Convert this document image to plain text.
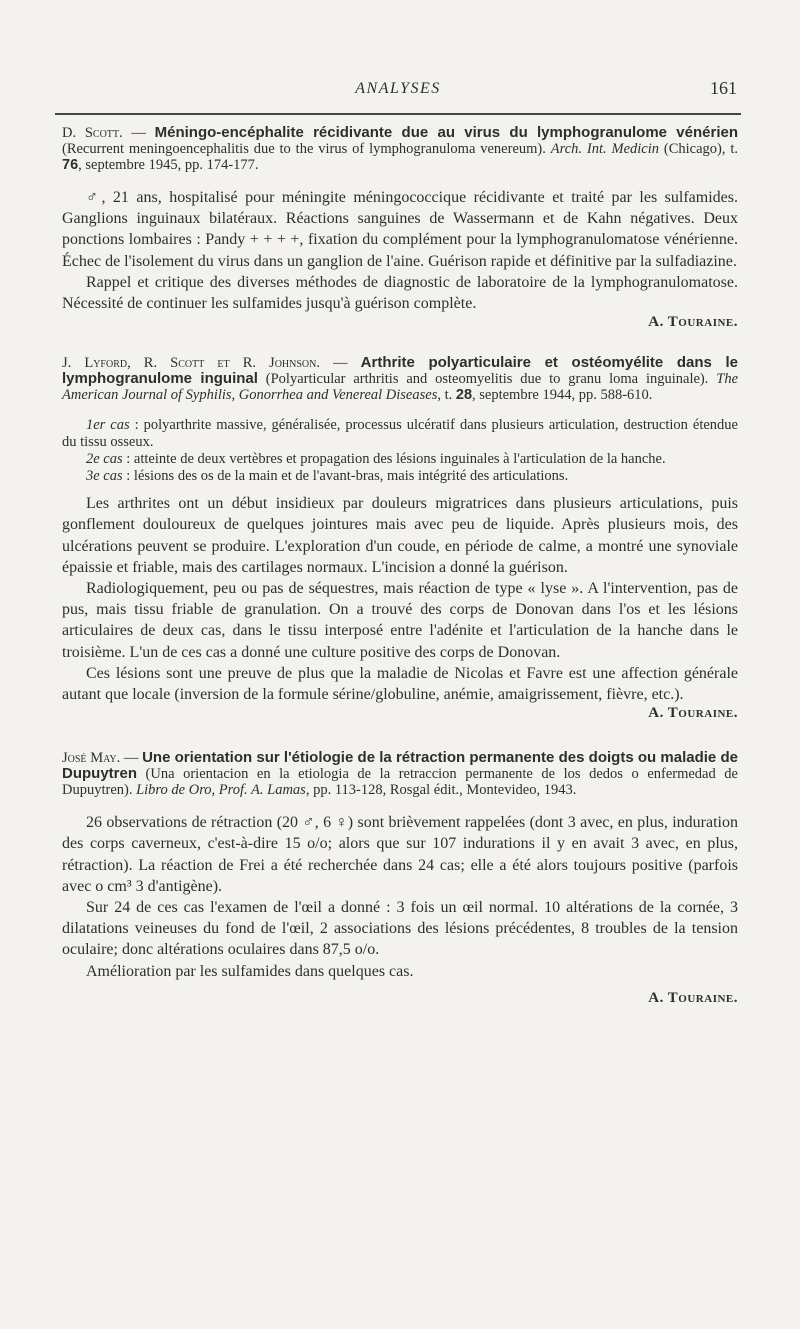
ANALYSES	161

D. Scott. — Méningo-encéphalite récidivante due au virus du lymphogranulome vénérien (Recurrent meningoencephalitis due to the virus of lymphogranuloma venereum). Arch. Int. Medicin (Chicago), t. 76, septembre 1945, pp. 174-177.

♂, 21 ans, hospitalisé pour méningite méningococcique récidivante et traité par les sulfamides. Ganglions inguinaux bilatéraux. Réactions sanguines de Wassermann et de Kahn négatives. Deux ponctions lombaires : Pandy + + + +, fixation du complément pour la lymphogranulomatose vénérienne. Échec de l'isolement du virus dans un ganglion de l'aine. Guérison rapide et définitive par la sulfadiazine.

Rappel et critique des diverses méthodes de diagnostic de laboratoire de la lymphogranulomatose. Nécessité de continuer les sulfamides jusqu'à guérison complète.

A. Touraine.

J. Lyford, R. Scott et R. Johnson. — Arthrite polyarticulaire et ostéomyélite dans le lymphogranulome inguinal (Polyarticular arthritis and osteomyelitis due to granu loma inguinale). The American Journal of Syphilis, Gonorrhea and Venereal Diseases, t. 28, septembre 1944, pp. 588-610.

1er cas : polyarthrite massive, généralisée, processus ulcératif dans plusieurs articulation, destruction étendue du tissu osseux.

2e cas : atteinte de deux vertèbres et propagation des lésions inguinales à l'articulation de la hanche.

3e cas : lésions des os de la main et de l'avant-bras, mais intégrité des articulations.

Les arthrites ont un début insidieux par douleurs migratrices dans plusieurs articulations, puis gonflement douloureux de quelques jointures mais avec peu de liquide. Après plusieurs mois, des ulcérations peuvent se produire. L'exploration d'un coude, en période de calme, a montré une synoviale épaissie et friable, mais des cartilages normaux. L'incision a donné la guérison.

Radiologiquement, peu ou pas de séquestres, mais réaction de type « lyse ». A l'intervention, pas de pus, mais tissu friable de granulation. On a trouvé des corps de Donovan dans l'os et les lésions articulaires de deux cas, dans le tissu interposé entre l'adénite et l'articulation de la hanche dans le troisième. L'un de ces cas a donné une culture positive des corps de Donovan.

Ces lésions sont une preuve de plus que la maladie de Nicolas et Favre est une affection générale autant que locale (inversion de la formule sérine/globuline, anémie, amaigrissement, fièvre, etc.).

A. Touraine.

José May. — Une orientation sur l'étiologie de la rétraction permanente des doigts ou maladie de Dupuytren (Una orientacion en la etiologia de la retraccion permanente de los dedos o enfermedad de Dupuytren). Libro de Oro, Prof. A. Lamas, pp. 113-128, Rosgal édit., Montevideo, 1943.

26 observations de rétraction (20 ♂, 6 ♀) sont brièvement rappelées (dont 3 avec, en plus, induration des corps caverneux, c'est-à-dire 15 o/o; alors que sur 107 indurations il y en avait 3 avec, en plus, rétraction). La réaction de Frei a été recherchée dans 24 cas; elle a été alors toujours positive (parfois avec o cm³ 3 d'antigène).

Sur 24 de ces cas l'examen de l'œil a donné : 3 fois un œil normal. 10 altérations de la cornée, 3 dilatations veineuses du fond de l'œil, 2 associations des lésions précédentes, 8 troubles de la tension oculaire; donc altérations oculaires dans 87,5 o/o.

Amélioration par les sulfamides dans quelques cas.

A. Touraine.
